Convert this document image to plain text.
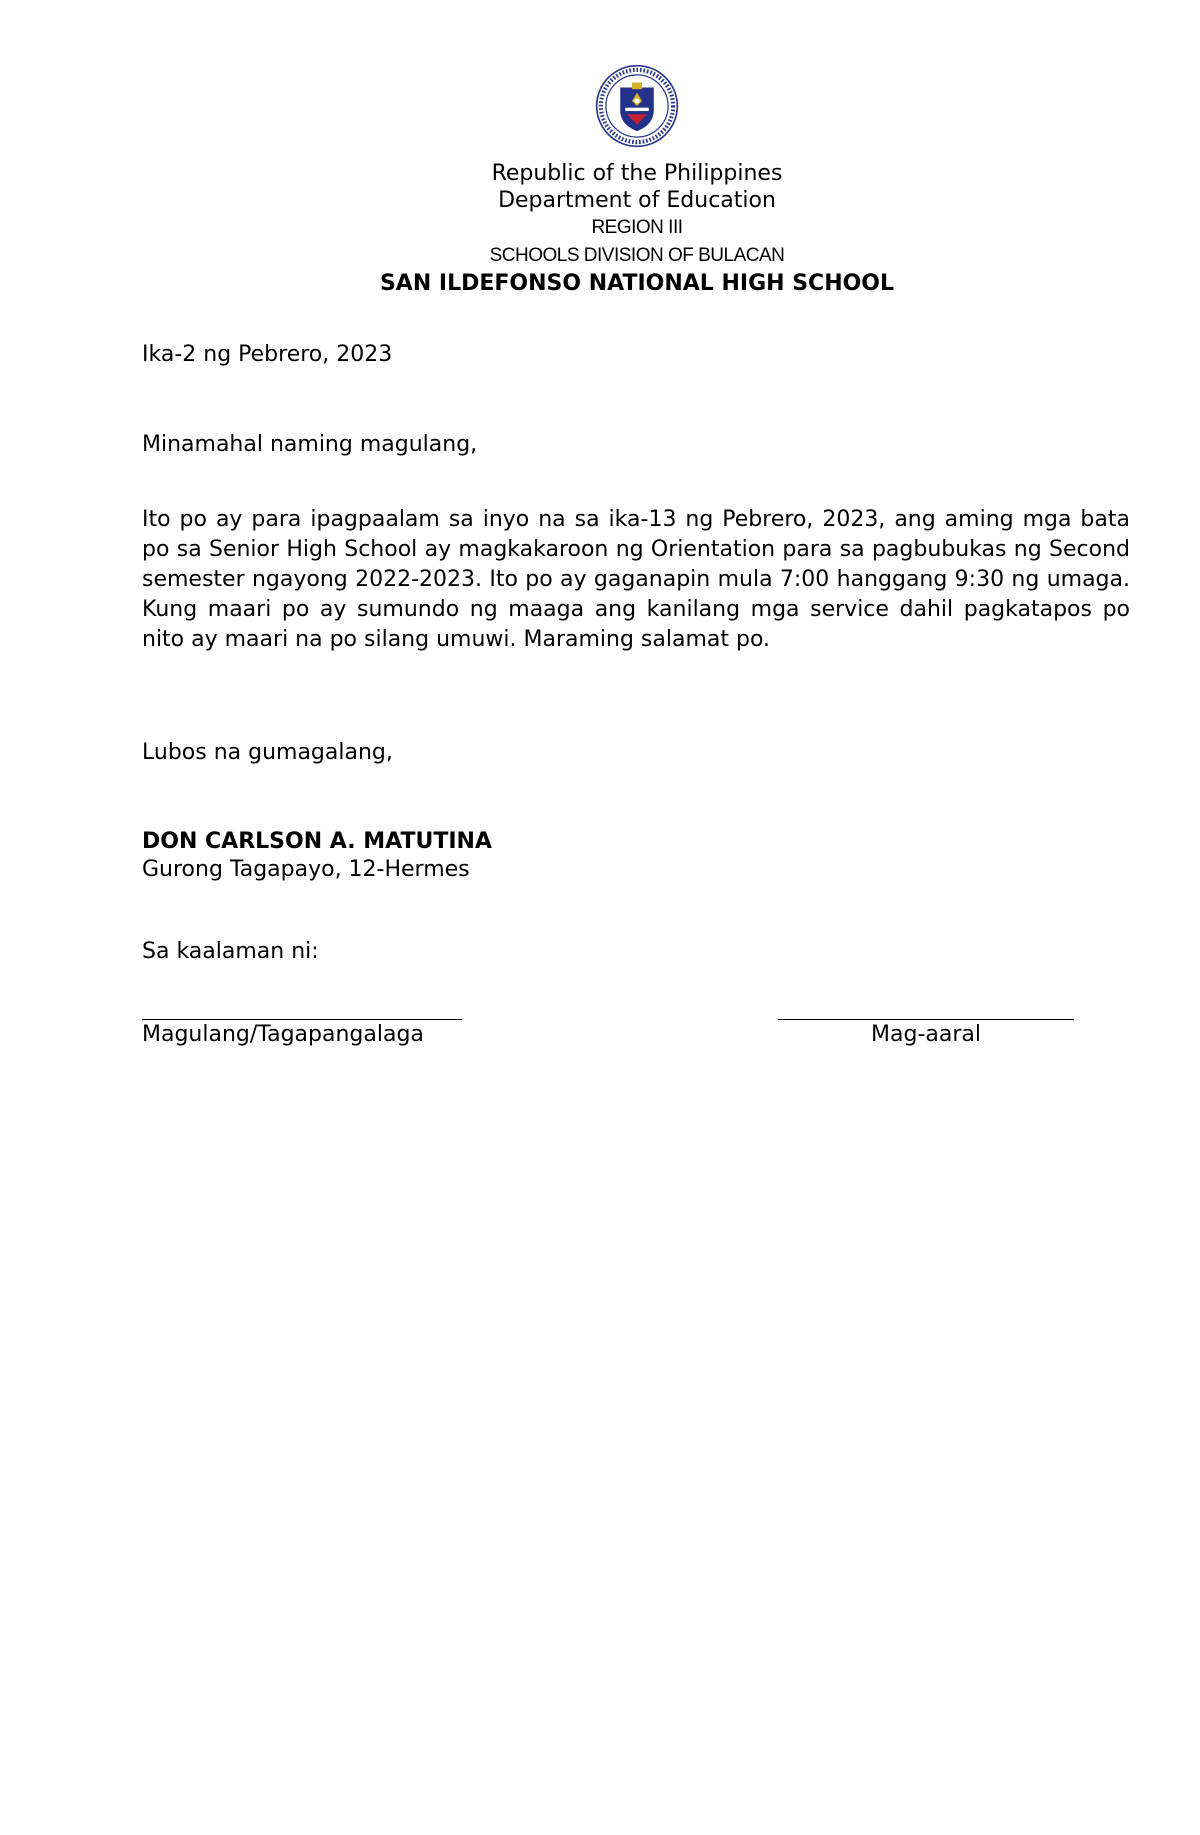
Republic of the Philippines
Department of Education
REGION III
SCHOOLS DIVISION OF BULACAN
SAN ILDEFONSO NATIONAL HIGH SCHOOL
Ika-2 ng Pebrero, 2023
Minamahal naming magulang,
Ito po ay para ipagpaalam sa inyo na sa ika-13 ng Pebrero, 2023, ang aming mga bata po sa Senior High School ay magkakaroon ng Orientation para sa pagbubukas ng Second semester ngayong 2022-2023. Ito po ay gaganapin mula 7:00 hanggang 9:30 ng umaga. Kung maari po ay sumundo ng maaga ang kanilang mga service dahil pagkatapos po nito ay maari na po silang umuwi. Maraming salamat po.
Lubos na gumagalang,
DON CARLSON A. MATUTINA
Gurong Tagapayo, 12-Hermes
Sa kaalaman ni:
Magulang/Tagapangalaga	Mag-aaral
